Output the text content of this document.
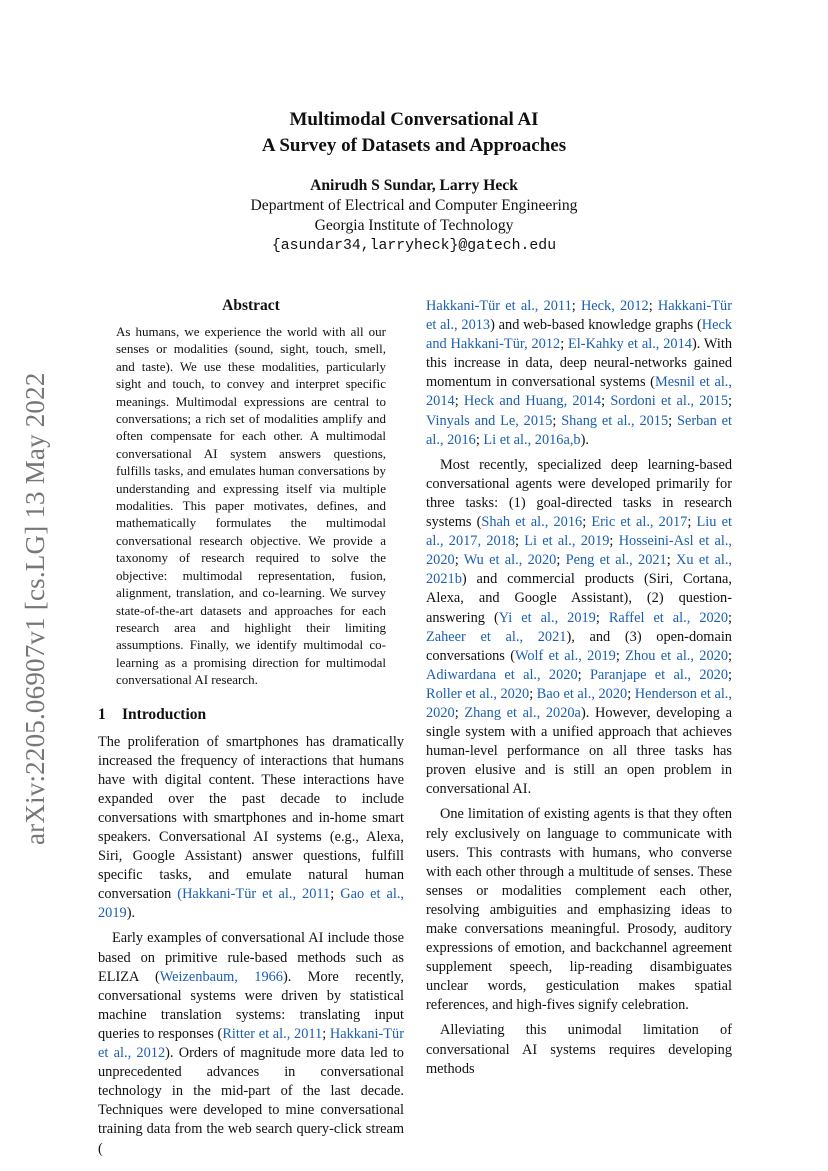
arXiv:2205.06907v1 [cs.LG] 13 May 2022
Multimodal Conversational AI
A Survey of Datasets and Approaches
Anirudh S Sundar, Larry Heck
Department of Electrical and Computer Engineering
Georgia Institute of Technology
{asundar34,larryheck}@gatech.edu
Abstract

As humans, we experience the world with all our senses or modalities (sound, sight, touch, smell, and taste). We use these modalities, particularly sight and touch, to convey and interpret specific meanings. Multimodal expressions are central to conversations; a rich set of modalities amplify and often compensate for each other. A multimodal conversational AI system answers questions, fulfills tasks, and emulates human conversations by understanding and expressing itself via multiple modalities. This paper motivates, defines, and mathematically formulates the multimodal conversational research objective. We provide a taxonomy of research required to solve the objective: multimodal representation, fusion, alignment, translation, and co-learning. We survey state-of-the-art datasets and approaches for each research area and highlight their limiting assumptions. Finally, we identify multimodal co-learning as a promising direction for multimodal conversational AI research.

1 Introduction

The proliferation of smartphones has dramatically increased the frequency of interactions that humans have with digital content. These interactions have expanded over the past decade to include conversations with smartphones and in-home smart speakers. Conversational AI systems (e.g., Alexa, Siri, Google Assistant) answer questions, fulfill specific tasks, and emulate natural human conversation (Hakkani-Tür et al., 2011; Gao et al., 2019).

Early examples of conversational AI include those based on primitive rule-based methods such as ELIZA (Weizenbaum, 1966). More recently, conversational systems were driven by statistical machine translation systems: translating input queries to responses (Ritter et al., 2011; Hakkani-Tür et al., 2012). Orders of magnitude more data led to unprecedented advances in conversational technology in the mid-part of the last decade. Techniques were developed to mine conversational training data from the web search query-click stream (

Hakkani-Tür et al., 2011; Heck, 2012; Hakkani-Tür et al., 2013) and web-based knowledge graphs (Heck and Hakkani-Tür, 2012; El-Kahky et al., 2014). With this increase in data, deep neural-networks gained momentum in conversational systems (Mesnil et al., 2014; Heck and Huang, 2014; Sordoni et al., 2015; Vinyals and Le, 2015; Shang et al., 2015; Serban et al., 2016; Li et al., 2016a,b).

Most recently, specialized deep learning-based conversational agents were developed primarily for three tasks: (1) goal-directed tasks in research systems (Shah et al., 2016; Eric et al., 2017; Liu et al., 2017, 2018; Li et al., 2019; Hosseini-Asl et al., 2020; Wu et al., 2020; Peng et al., 2021; Xu et al., 2021b) and commercial products (Siri, Cortana, Alexa, and Google Assistant), (2) question-answering (Yi et al., 2019; Raffel et al., 2020; Zaheer et al., 2021), and (3) open-domain conversations (Wolf et al., 2019; Zhou et al., 2020; Adiwardana et al., 2020; Paranjape et al., 2020; Roller et al., 2020; Bao et al., 2020; Henderson et al., 2020; Zhang et al., 2020a). However, developing a single system with a unified approach that achieves human-level performance on all three tasks has proven elusive and is still an open problem in conversational AI.

One limitation of existing agents is that they often rely exclusively on language to communicate with users. This contrasts with humans, who converse with each other through a multitude of senses. These senses or modalities complement each other, resolving ambiguities and emphasizing ideas to make conversations meaningful. Prosody, auditory expressions of emotion, and backchannel agreement supplement speech, lip-reading disambiguates unclear words, gesticulation makes spatial references, and high-fives signify celebration.

Alleviating this unimodal limitation of conversational AI systems requires developing methods
